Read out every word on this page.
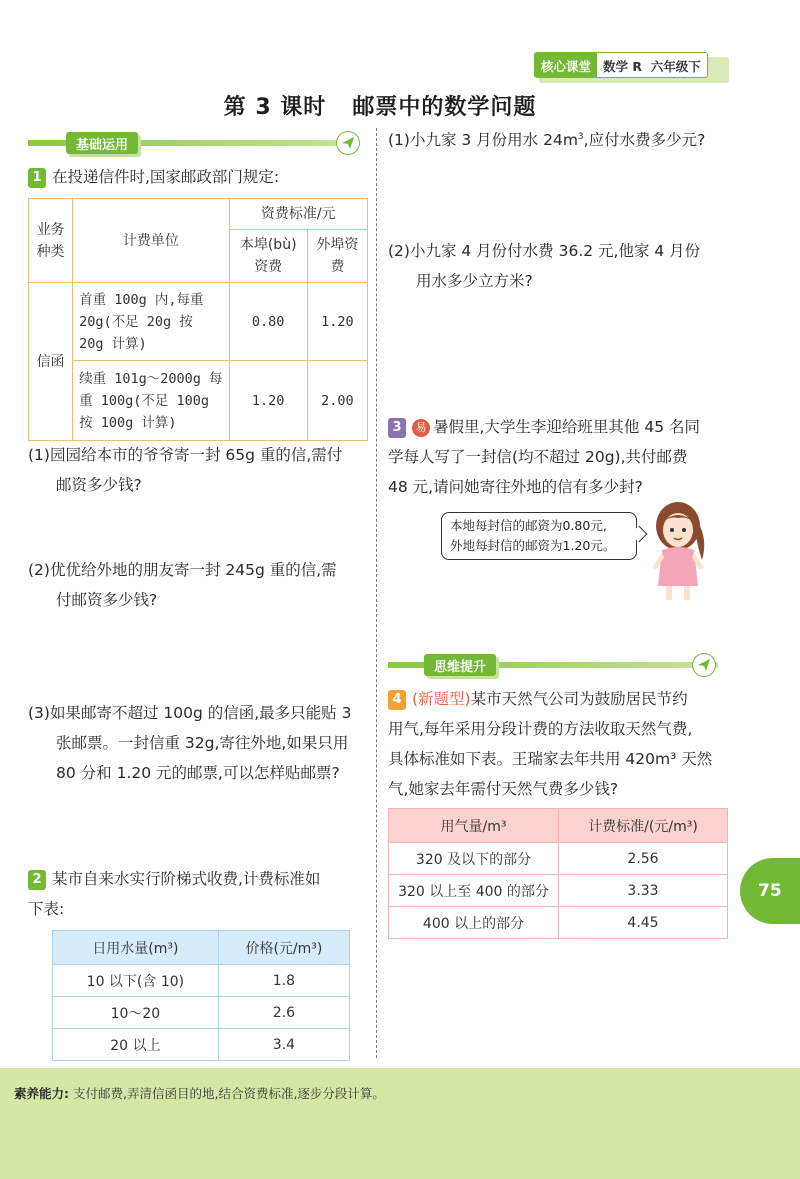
核心课堂 数学 R 六年级下
第 3 课时 邮票中的数学问题
基础运用
1 在投递信件时,国家邮政部门规定:
业务种类	计费单位	资费标准/元	
		本埠(bù)资费	外埠资费
信函	首重 100g 内,每重 20g(不足 20g 按 20g 计算)	0.80	1.20
	续重 101g～2000g 每重 100g(不足 100g 按 100g 计算)	1.20	2.00
(1)园园给本市的爷爷寄一封 65g 重的信,需付
邮资多少钱?
(2)优优给外地的朋友寄一封 245g 重的信,需
付邮资多少钱?
(3)如果邮寄不超过 100g 的信函,最多只能贴 3
张邮票。一封信重 32g,寄往外地,如果只用
80 分和 1.20 元的邮票,可以怎样贴邮票?
2 某市自来水实行阶梯式收费,计费标准如
下表:
日用水量(m³)	价格(元/m³)
10 以下(含 10)	1.8
10～20	2.6
20 以上	3.4
(1)小九家 3 月份用水 $24m^3$,应付水费多少元?
(2)小九家 4 月份付水费 36.2 元,他家 4 月份
用水多少立方米?
3 易 暑假里,大学生李迎给班里其他 45 名同
学每人写了一封信(均不超过 20g),共付邮费
48 元,请问她寄往外地的信有多少封?
本地每封信的邮资为0.80元,
外地每封信的邮资为1.20元。
思维提升
4 (新题型)某市天然气公司为鼓励居民节约
用气,每年采用分段计费的方法收取天然气费,
具体标准如下表。王瑞家去年共用 420m³ 天然
气,她家去年需付天然气费多少钱?
用气量/m³	计费标准/(元/m³)
320 及以下的部分	2.56
320 以上至 400 的部分	3.33
400 以上的部分	4.45
75
素养能力: 支付邮费,弄清信函目的地,结合资费标准,逐步分段计算。
